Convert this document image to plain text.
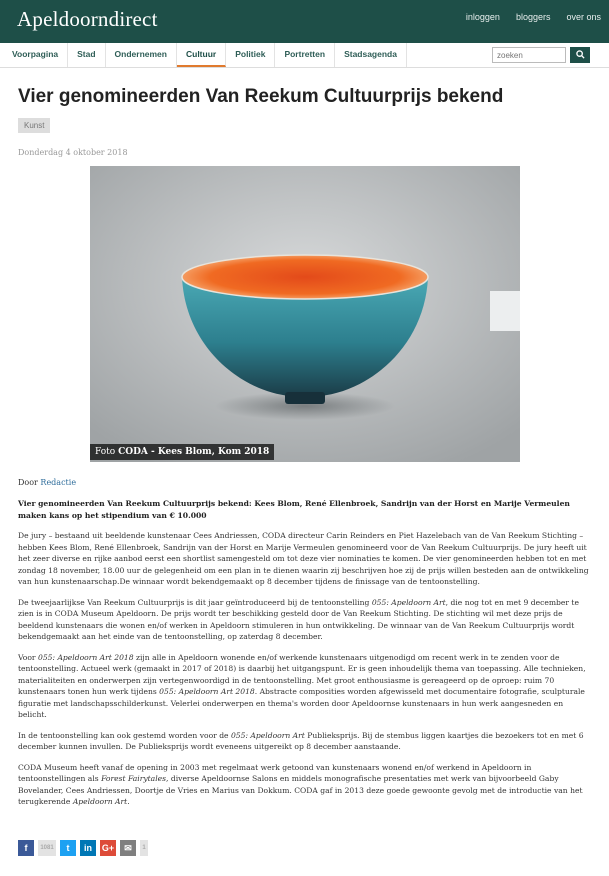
Apeldoorndirect	inloggen bloggers over ons
Voorpagina	Stad	Ondernemen	Cultuur	Politiek	Portretten	Stadsagenda
zoeken
Vier genomineerden Van Reekum Cultuurprijs bekend
Kunst
Donderdag 4 oktober 2018
Foto CODA - Kees Blom, Kom 2018
Door Redactie

Vier genomineerden Van Reekum Cultuurprijs bekend: Kees Blom, René Ellenbroek, Sandrijn van der Horst en Marije Vermeulen maken kans op het stipendium van € 10.000

De jury – bestaand uit beeldende kunstenaar Cees Andriessen, CODA directeur Carin Reinders en Piet Hazelebach van de Van Reekum Stichting – hebben Kees Blom, René Ellenbroek, Sandrijn van der Horst en Marije Vermeulen genomineerd voor de Van Reekum Cultuurprijs. De jury heeft uit het zeer diverse en rijke aanbod eerst een shortlist samengesteld om tot deze vier nominaties te komen. De vier genomineerden hebben tot en met zondag 18 november, 18.00 uur de gelegenheid om een plan in te dienen waarin zij beschrijven hoe zij de prijs willen besteden aan de ontwikkeling van hun kunstenaarschap.De winnaar wordt bekendgemaakt op 8 december tijdens de finissage van de tentoonstelling.

De tweejaarlijkse Van Reekum Cultuurprijs is dit jaar geïntroduceerd bij de tentoonstelling 055: Apeldoorn Art, die nog tot en met 9 december te zien is in CODA Museum Apeldoorn. De prijs wordt ter beschikking gesteld door de Van Reekum Stichting. De stichting wil met deze prijs de beeldend kunstenaars die wonen en/of werken in Apeldoorn stimuleren in hun ontwikkeling. De winnaar van de Van Reekum Cultuurprijs wordt bekendgemaakt aan het einde van de tentoonstelling, op zaterdag 8 december.

Voor 055: Apeldoorn Art 2018 zijn alle in Apeldoorn wonende en/of werkende kunstenaars uitgenodigd om recent werk in te zenden voor de tentoonstelling. Actueel werk (gemaakt in 2017 of 2018) is daarbij het uitgangspunt. Er is geen inhoudelijk thema van toepassing. Alle technieken, materialiteiten en onderwerpen zijn vertegenwoordigd in de tentoonstelling. Met groot enthousiasme is gereageerd op de oproep: ruim 70 kunstenaars tonen hun werk tijdens 055: Apeldoorn Art 2018. Abstracte composities worden afgewisseld met documentaire fotografie, sculpturale figuratie met landschapsschilderkunst. Velerlei onderwerpen en thema's worden door Apeldoornse kunstenaars in hun werk aangesneden en belicht.

In de tentoonstelling kan ook gestemd worden voor de 055: Apeldoorn Art Publieksprijs. Bij de stembus liggen kaartjes die bezoekers tot en met 6 december kunnen invullen. De Publieksprijs wordt eveneens uitgereikt op 8 december aanstaande.

CODA Museum heeft vanaf de opening in 2003 met regelmaat werk getoond van kunstenaars wonend en/of werkend in Apeldoorn in tentoonstellingen als Forest Fairytales, diverse Apeldoornse Salons en middels monografische presentaties met werk van bijvoorbeeld Gaby Bovelander, Cees Andriessen, Doortje de Vries en Marius van Dokkum. CODA gaf in 2013 deze goede gewoonte gevolg met de introductie van het terugkerende Apeldoorn Art.

f	1081	t	in	G+	✉	1
